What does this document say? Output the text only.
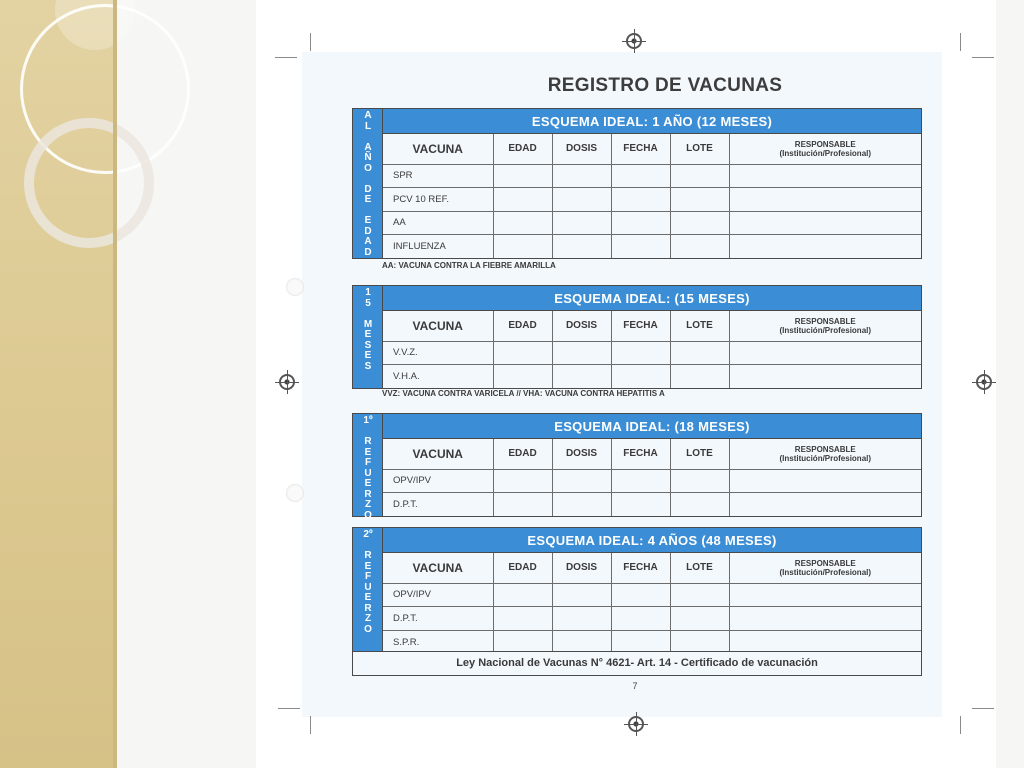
REGISTRO DE VACUNAS
A
L

A
Ñ
O

D
E

E
D
A
D
ESQUEMA IDEAL: 1 AÑO (12 MESES)
VACUNA	EDAD	DOSIS	FECHA	LOTE	RESPONSABLE
(Institución/Profesional)

SPR					
PCV 10 REF.					
AA					
INFLUENZA					
AA: VACUNA CONTRA LA FIEBRE AMARILLA
1
5

M
E
S
E
S
ESQUEMA IDEAL: (15 MESES)
VACUNA	EDAD	DOSIS	FECHA	LOTE	RESPONSABLE
(Institución/Profesional)

V.V.Z.					
V.H.A.					
VVZ: VACUNA CONTRA VARICELA // VHA: VACUNA CONTRA HEPATITIS A
1º

R
E
F
U
E
R
Z
O
ESQUEMA IDEAL: (18 MESES)
VACUNA	EDAD	DOSIS	FECHA	LOTE	RESPONSABLE
(Institución/Profesional)

OPV/IPV					
D.P.T.					
2º

R
E
F
U
E
R
Z
O
ESQUEMA IDEAL: 4 AÑOS (48 MESES)
VACUNA	EDAD	DOSIS	FECHA	LOTE	RESPONSABLE
(Institución/Profesional)

OPV/IPV					
D.P.T.					
S.P.R.					
Ley Nacional de Vacunas N° 4621- Art. 14 - Certificado de vacunación
7
